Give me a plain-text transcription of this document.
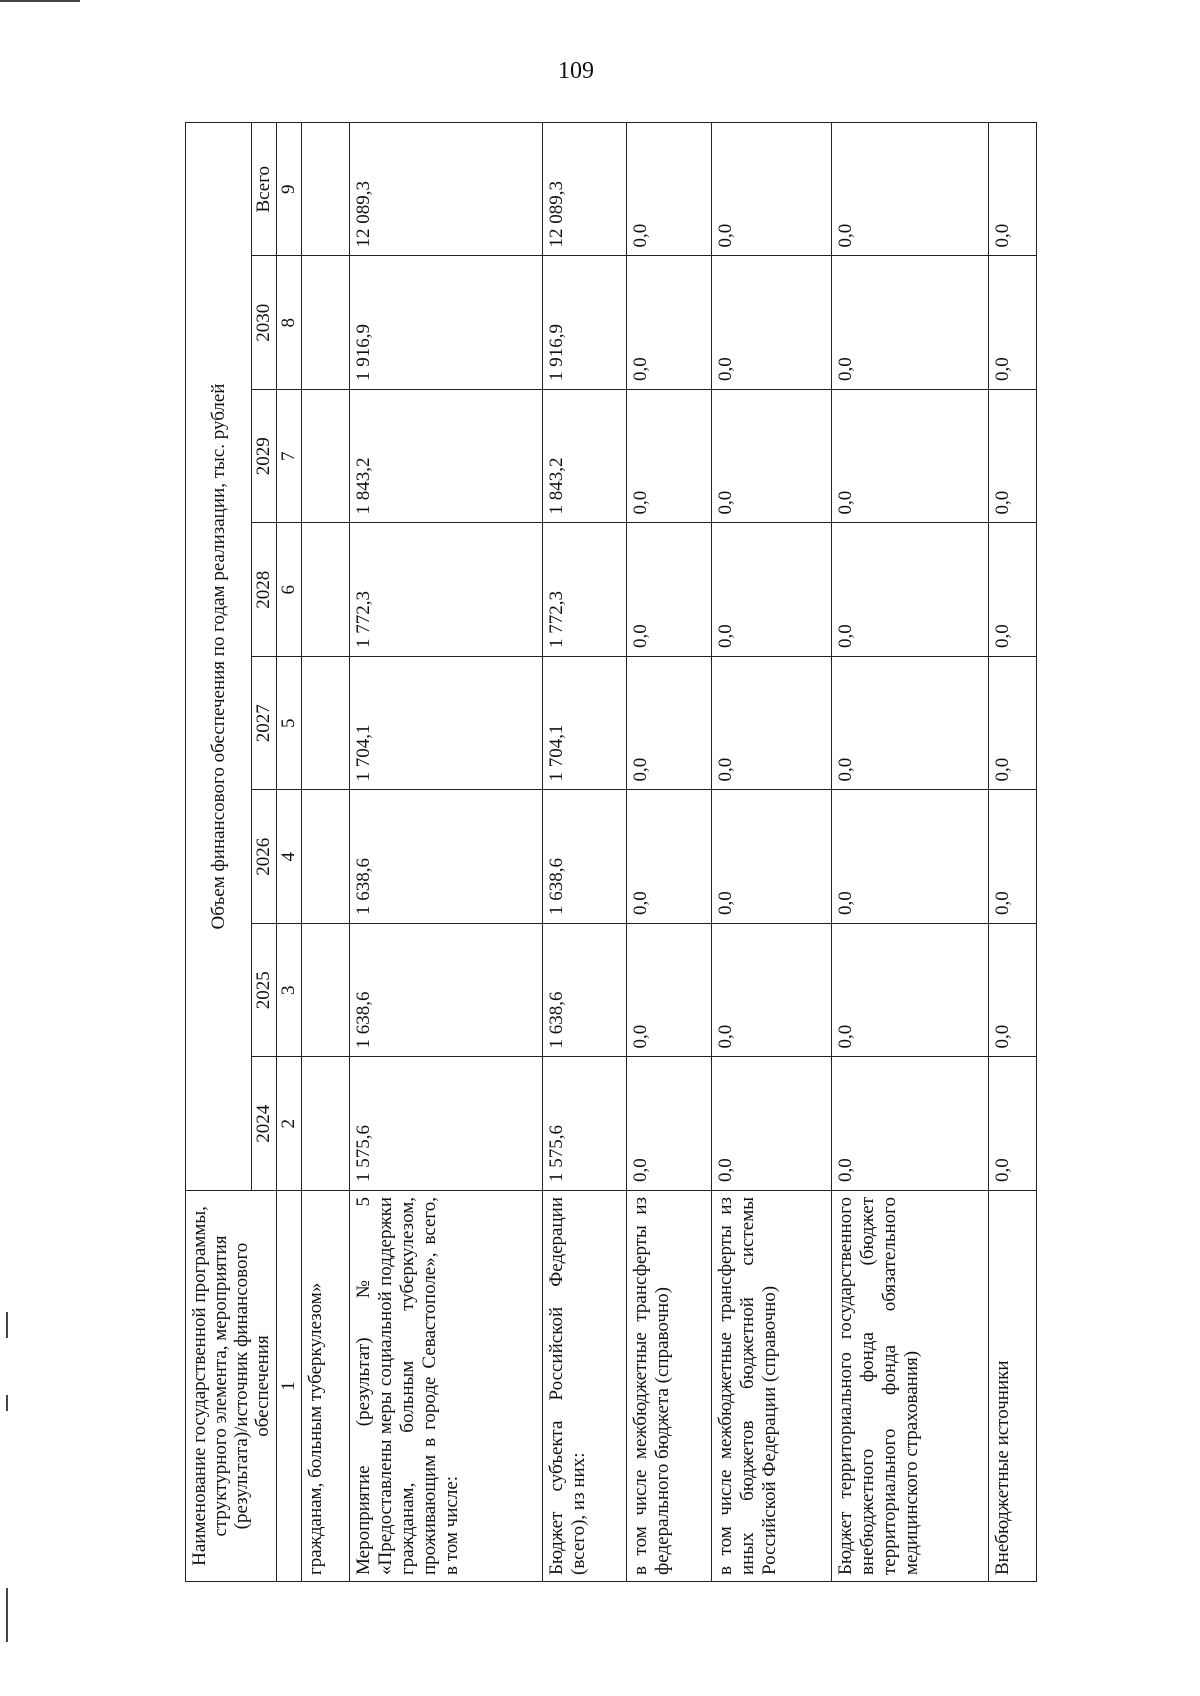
109
Наименование государственной программы, структурного элемента, мероприятия (результата)/источник финансового обеспечения	Объем финансового обеспечения по годам реализации, тыс. рублей							
	2024	2025	2026	2027	2028	2029	2030	Всего
1	2	3	4	5	6	7	8	9
гражданам, больным туберкулезом»								
Мероприятие (результат) № 5 «Предоставлены меры социальной поддержки гражданам, больным туберкулезом, проживающим в городе Севастополе», всего, в том числе:	1 575,6	1 638,6	1 638,6	1 704,1	1 772,3	1 843,2	1 916,9	12 089,3
Бюджет субъекта Российской Федерации (всего), из них:	1 575,6	1 638,6	1 638,6	1 704,1	1 772,3	1 843,2	1 916,9	12 089,3
в том числе межбюджетные трансферты из федерального бюджета (справочно)	0,0	0,0	0,0	0,0	0,0	0,0	0,0	0,0
в том числе межбюджетные трансферты из иных бюджетов бюджетной системы Российской Федерации (справочно)	0,0	0,0	0,0	0,0	0,0	0,0	0,0	0,0
Бюджет территориального государственного внебюджетного фонда (бюджет территориального фонда обязательного медицинского страхования)	0,0	0,0	0,0	0,0	0,0	0,0	0,0	0,0
Внебюджетные источники	0,0	0,0	0,0	0,0	0,0	0,0	0,0	0,0
